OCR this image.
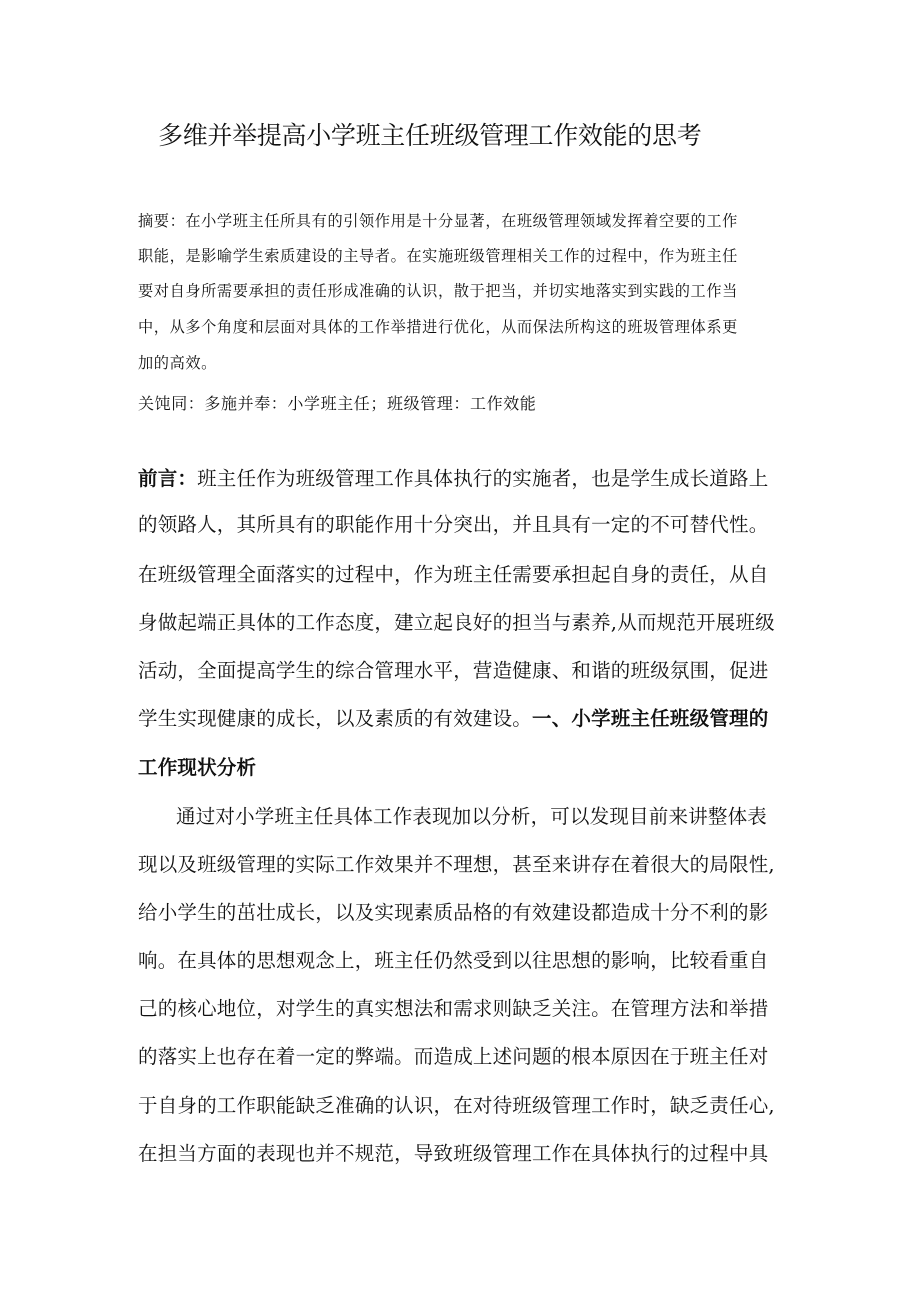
多维并举提高小学班主任班级管理工作效能的思考
摘要：在小学班主任所具有的引领作用是十分显著，在班级管理领域发挥着空要的工作
职能，是影喻学生索质建设的主导者。在实施班级管理相关工作的过程中，作为班主任
要对自身所需要承担的责任形成准确的认识，散于把当，并切实地落实到实践的工作当
中，从多个角度和层面对具体的工作举措进行优化，从而保法所构这的班圾管理体系更
加的高效。
关饨同：多施并奉：小学班主任；班级管理：工作效能
前言：班主任作为班级管理工作具体执行的实施者，也是学生成长道路上
的领路人，其所具有的职能作用十分突出，并且具有一定的不可替代性。
在班级管理全面落实的过程中，作为班主任需要承担起自身的责任，从自
身做起端正具体的工作态度，建立起良好的担当与素养,从而规范开展班级
活动，全面提高学生的综合管理水平，营造健康、和谐的班级氛围，促进
学生实现健康的成长，以及素质的有效建设。一、小学班主任班级管理的
工作现状分析
通过对小学班主任具体工作表现加以分析，可以发现目前来讲整体表
现以及班级管理的实际工作效果并不理想，甚至来讲存在着很大的局限性,
给小学生的茁壮成长，以及实现素质品格的有效建设都造成十分不利的影
响。在具体的思想观念上，班主任仍然受到以往思想的影响，比较看重自
己的核心地位，对学生的真实想法和需求则缺乏关注。在管理方法和举措
的落实上也存在着一定的弊端。而造成上述问题的根本原因在于班主任对
于自身的工作职能缺乏准确的认识，在对待班级管理工作时，缺乏责任心,
在担当方面的表现也并不规范，导致班级管理工作在具体执行的过程中具
